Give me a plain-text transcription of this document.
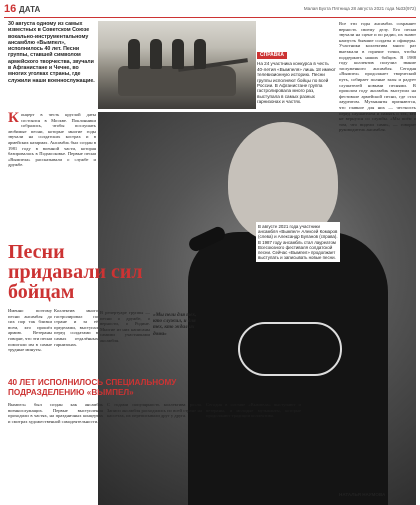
16 ДАТА	Малая Бухта Пятница 28 августа 2021 года №33(972)
30 августа одному из самых известных в Советском Союзе вокально-инструментальному ансамблю «Вымпел», исполнилось 40 лет. Песни группы, ставшей символом армейского творчества, звучали в Афганистане и Чечне, во многих уголках страны, где служили наши военнослужащие.
СПРАВКА
На 24 участника конкурса в честь 40-летия «Вымпеля» лишь 18 имеют телевизионную историю. Песни группы исполняют бойцы по всей России. В Афганистане группа гастролировала много раз, выступала в самых разных гарнизонах и частях.
В августе 2021 года участники ансамбля «Вымпел» Алексей Комаров (слева) и Александр Буланов (справа). В 1987 году ансамбль стал лауреатом Всесоюзного фестиваля солдатской песни. Сейчас «Вымпел» продолжает выступать и записывать новые песни.
К онцерт в честь круглой даты состоялся в Москве. Поклонники собрались, чтобы послушать любимые песни, которые многие годы звучали на солдатских кострах и в армейских казармах. Ансамбль был создан в 1981 году в военной части, которая базировалась в Подмосковье. Первые песни «Вымпела» рассказывали о службе и дружбе.
Все эти годы ансамбль сохраняет верность своему делу. Его песни звучали на сцене и по радио, их знают наизусть бывшие солдаты и офицеры. Участники коллектива много раз выезжали в горячие точки, чтобы поддержать наших бойцов. В 1988 году коллектив получил звание заслуженного ансамбля. Сегодня «Вымпел» продолжает творческий путь, собирает полные залы и радует слушателей новыми песнями. В прошлом году ансамбль выступил на фестивале армейской песни, где стал лауреатом. Музыканты признаются, что главное для них — честность перед слушателем и память о тех, кто не вернулся со службы. «Мы поём о том, что видели сами», — говорит руководитель ансамбля.
Песни придавали сил бойцам
Именно поэтому песни ансамбля до сих пор так близки всем, кто прошёл армию. Ветераны говорят, что эти песни помогали им в самые трудные минуты.
Коллектив много гастролировал по стране и за её пределами, выступал перед солдатами в самых отдалённых гарнизонах.
В репертуаре группы — песни о дружбе, о верности, о Родине. Многие из них написаны самими участниками ансамбля.
«Мы пели для тех, кто служил, и для тех, кто ждал их дома»
40 ЛЕТ ИСПОЛНИЛОСЬ СПЕЦИАЛЬНОМУ ПОДРАЗДЕЛЕНИЮ «ВЫМПЕЛ»
Вымпел» был создан как ансамбль военнослужащих. Первые выступления проходили в частях, на праздничных концертах и смотрах художественной самодеятельности.
С годами популярность коллектива росла. Записи ансамбля расходились по всей стране на кассетах, их переписывали друг у друга.
Сегодня в составе «Вымпела» выступают и ветераны, и молодые музыканты, которые продолжают традиции коллектива.
НАТАЛЬЯ НАУМОВА
